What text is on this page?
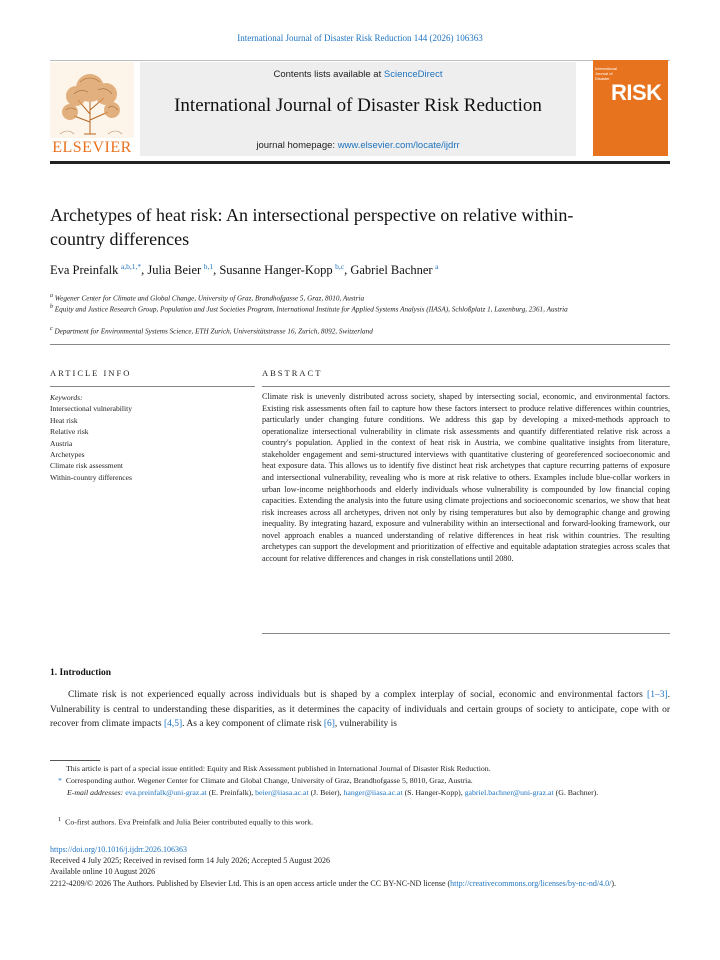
International Journal of Disaster Risk Reduction 144 (2026) 106363
ELSEVIER
Contents lists available at ScienceDirect
International Journal of Disaster Risk Reduction
journal homepage: www.elsevier.com/locate/ijdrr
International Journal of Disaster
RISK
Archetypes of heat risk: An intersectional perspective on relative within-country differences
Eva Preinfalk  $^{a,b,1,*}$, Julia Beier  $^{b,1}$, Susanne Hanger-Kopp  $^{b,c}$, Gabriel Bachner  $^a$
$^a$ Wegener Center for Climate and Global Change, University of Graz, Brandhofgasse 5, Graz, 8010, Austria
$^b$ Equity and Justice Research Group, Population and Just Societies Program, International Institute for Applied Systems Analysis (IIASA), Schloßplatz 1, Laxenburg, 2361, Austria
$^c$ Department for Environmental Systems Science, ETH Zurich, Universitätstrasse 16, Zurich, 8092, Switzerland
ARTICLE INFO	ABSTRACT
Keywords:
Intersectional vulnerability
Heat risk
Relative risk
Austria
Archetypes
Climate risk assessment
Within-country differences
Climate risk is unevenly distributed across society, shaped by intersecting social, economic, and environmental factors. Existing risk assessments often fail to capture how these factors intersect to produce relative differences within countries, particularly under changing future conditions. We address this gap by developing a mixed-methods approach to operationalize intersectional vulnerability in climate risk assessments and quantify differentiated relative risk across a country's population. Applied in the context of heat risk in Austria, we combine qualitative insights from literature, stakeholder engagement and semi-structured interviews with quantitative clustering of georeferenced socioeconomic and heat exposure data. This allows us to identify five distinct heat risk archetypes that capture recurring patterns of exposure and intersectional vulnerability, revealing who is more at risk relative to others. Examples include blue-collar workers in urban low-income neighborhoods and elderly individuals whose vulnerability is compounded by low financial coping capacities. Extending the analysis into the future using climate projections and socioeconomic scenarios, we show that heat risk increases across all archetypes, driven not only by rising temperatures but also by demographic change and growing inequality. By integrating hazard, exposure and vulnerability within an intersectional and forward-looking framework, our novel approach enables a nuanced understanding of relative differences in heat risk within countries. The resulting archetypes can support the development and prioritization of effective and equitable adaptation strategies across scales that account for relative differences and changes in risk constellations until 2080.
1. Introduction
Climate risk is not experienced equally across individuals but is shaped by a complex interplay of social, economic and environmental factors [1–3]. Vulnerability is central to understanding these disparities, as it determines the capacity of individuals and certain groups of society to anticipate, cope with or recover from climate impacts [4,5]. As a key component of climate risk [6], vulnerability is
This article is part of a special issue entitled: Equity and Risk Assessment published in International Journal of Disaster Risk Reduction.
*  Corresponding author. Wegener Center for Climate and Global Change, University of Graz, Brandhofgasse 5, 8010, Graz, Austria.
E-mail addresses: eva.preinfalk@uni-graz.at (E. Preinfalk), beier@iiasa.ac.at (J. Beier), hanger@iiasa.ac.at (S. Hanger-Kopp), gabriel.bachner@uni-graz.at (G. Bachner).
$^1$  Co-first authors. Eva Preinfalk and Julia Beier contributed equally to this work.
https://doi.org/10.1016/j.ijdrr.2026.106363
Received 4 July 2025; Received in revised form 14 July 2026; Accepted 5 August 2026
Available online 10 August 2026
2212-4209/© 2026 The Authors. Published by Elsevier Ltd. This is an open access article under the CC BY-NC-ND license (http://creativecommons.org/licenses/by-nc-nd/4.0/).
